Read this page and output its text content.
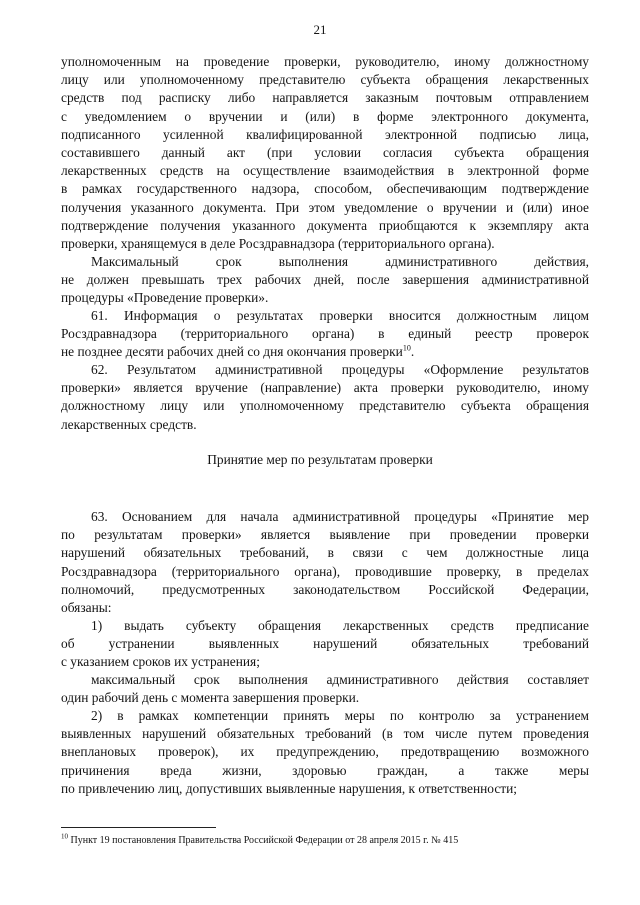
21

уполномоченным на проведение проверки, руководителю, иному должностному

лицу или уполномоченному представителю субъекта обращения лекарственных

средств под расписку либо направляется заказным почтовым отправлением

с уведомлением о вручении и (или) в форме электронного документа,

подписанного усиленной квалифицированной электронной подписью лица,

составившего данный акт (при условии согласия субъекта обращения

лекарственных средств на осуществление взаимодействия в электронной форме

в рамках государственного надзора, способом, обеспечивающим подтверждение

получения указанного документа. При этом уведомление о вручении и (или) иное

подтверждение получения указанного документа приобщаются к экземпляру акта

проверки, хранящемуся в деле Росздравнадзора (территориального органа).

Максимальный срок выполнения административного действия,

не должен превышать трех рабочих дней, после завершения административной

процедуры «Проведение проверки».

61. Информация о результатах проверки вносится должностным лицом

Росздравнадзора (территориального органа) в единый реестр проверок

не позднее десяти рабочих дней со дня окончания проверки$^{10}$.

62. Результатом административной процедуры «Оформление результатов

проверки» является вручение (направление) акта проверки руководителю, иному

должностному лицу или уполномоченному представителю субъекта обращения

лекарственных средств.

Принятие мер по результатам проверки

63. Основанием для начала административной процедуры «Принятие мер

по результатам проверки» является выявление при проведении проверки

нарушений обязательных требований, в связи с чем должностные лица

Росздравнадзора (территориального органа), проводившие проверку, в пределах

полномочий, предусмотренных законодательством Российской Федерации,

обязаны:

1) выдать субъекту обращения лекарственных средств предписание

об устранении выявленных нарушений обязательных требований

с указанием сроков их устранения;

максимальный срок выполнения административного действия составляет

один рабочий день с момента завершения проверки.

2) в рамках компетенции принять меры по контролю за устранением

выявленных нарушений обязательных требований (в том числе путем проведения

внеплановых проверок), их предупреждению, предотвращению возможного

причинения вреда жизни, здоровью граждан, а также меры

по привлечению лиц, допустивших выявленные нарушения, к ответственности;

$^{10}$ Пункт 19 постановления Правительства Российской Федерации от 28 апреля 2015 г. № 415
